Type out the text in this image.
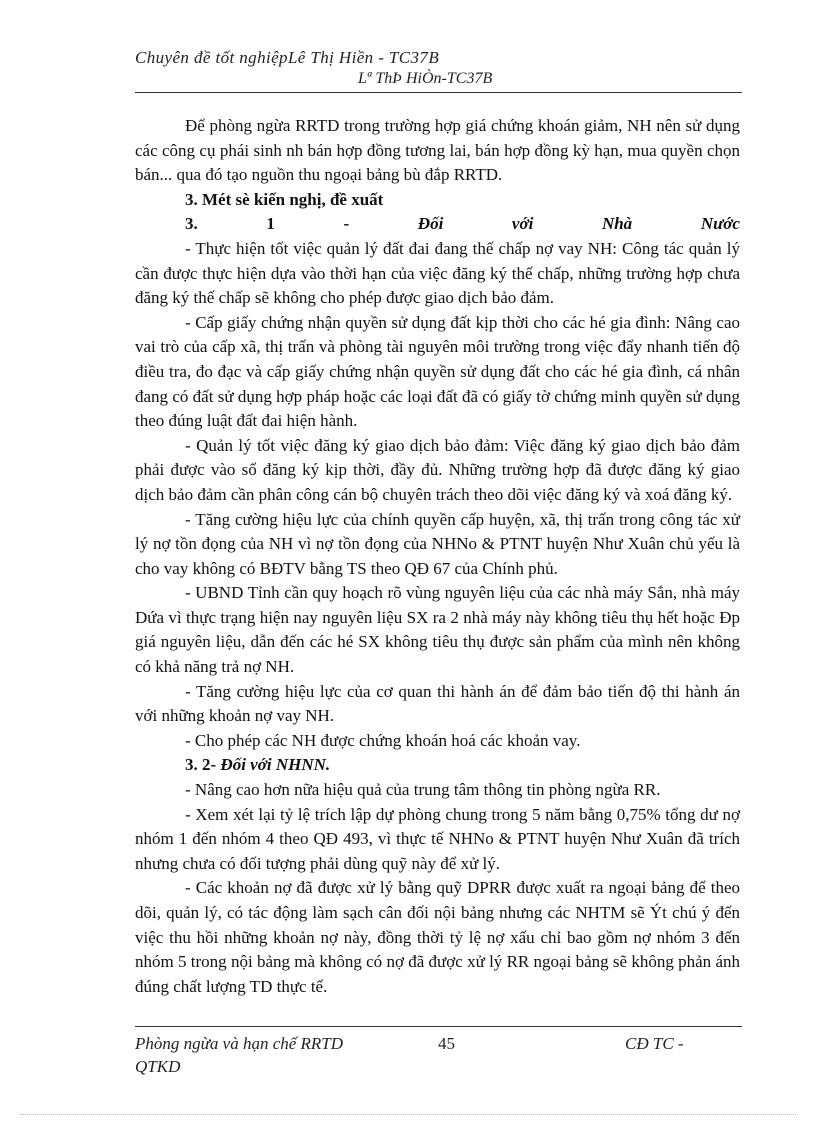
Chuyên đề tốt nghiệpLê Thị Hiền - TC37B
Lª ThÞ HiÒn-TC37B

Để phòng ngừa RRTD trong trường hợp giá chứng khoán giảm, NH nên sử dụng các công cụ phái sinh nh bán hợp đồng tương lai, bán hợp đồng kỳ hạn, mua quyền chọn bán... qua đó tạo nguồn thu ngoại bảng bù đắp RRTD.

3. Mét sè kiến nghị, đề xuất

3.	1	-	Đối	với	Nhà	Nước

- Thực hiện tốt việc quản lý đất đai đang thế chấp nợ vay NH: Công tác quản lý cần được thực hiện dựa vào thời hạn của việc đăng ký thế chấp, những trường hợp chưa đăng ký thế chấp sẽ không cho phép được giao dịch bảo đảm.

- Cấp giấy chứng nhận quyền sử dụng đất kịp thời cho các hé gia đình: Nâng cao vai trò của cấp xã, thị trấn và phòng tài nguyên môi trường trong việc đẩy nhanh tiến độ điều tra, đo đạc và cấp giấy chứng nhận quyền sử dụng đất cho các hé gia đình, cá nhân đang có đất sử dụng hợp pháp hoặc các loại đất đã có giấy tờ chứng minh quyền sử dụng theo đúng luật đất đai hiện hành.

- Quản lý tốt việc đăng ký giao dịch bảo đảm: Việc đăng ký giao dịch bảo đảm phải được vào sổ đăng ký kịp thời, đầy đủ. Những trường hợp đã được đăng ký giao dịch bảo đảm cần phân công cán bộ chuyên trách theo dõi việc đăng ký và xoá đăng ký.

- Tăng cường hiệu lực của chính quyền cấp huyện, xã, thị trấn trong công tác xử lý nợ tồn đọng của NH vì nợ tồn đọng của NHNo & PTNT huyện Như Xuân chủ yếu là cho vay không có BĐTV bằng TS theo QĐ 67 của Chính phủ.

- UBND Tỉnh cần quy hoạch rõ vùng nguyên liệu của các nhà máy Sắn, nhà máy Dứa vì thực trạng hiện nay nguyên liệu SX ra 2 nhà máy này không tiêu thụ hết hoặc Ðp giá nguyên liệu, dẫn đến các hé SX không tiêu thụ được sản phẩm của mình nên không có khả năng trả nợ NH.

- Tăng cường hiệu lực của cơ quan thi hành án để đảm bảo tiến độ thi hành án với những khoản nợ vay NH.

- Cho phép các NH được chứng khoán hoá các khoản vay.

3. 2- Đối với NHNN.

- Nâng cao hơn nữa hiệu quả của trung tâm thông tin phòng ngừa RR.

- Xem xét lại tỷ lệ trích lập dự phòng chung trong 5 năm bằng 0,75% tổng dư nợ nhóm 1 đến nhóm 4 theo QĐ 493, vì thực tế NHNo & PTNT huyện Như Xuân đã trích nhưng chưa có đối tượng phải dùng quỹ này để xử lý.

- Các khoản nợ đã được xử lý bằng quỹ DPRR được xuất ra ngoại bảng để theo dõi, quản lý, có tác động làm sạch cân đối nội bảng nhưng các NHTM sẽ Ýt chú ý đến việc thu hồi những khoản nợ này, đồng thời tỷ lệ nợ xấu chỉ bao gồm nợ nhóm 3 đến nhóm 5 trong nội bảng mà không có nợ đã được xử lý RR ngoại bảng sẽ không phản ánh đúng chất lượng TD thực tế.

Phòng ngừa và hạn chế RRTD	45	CĐ TC -
QTKD
